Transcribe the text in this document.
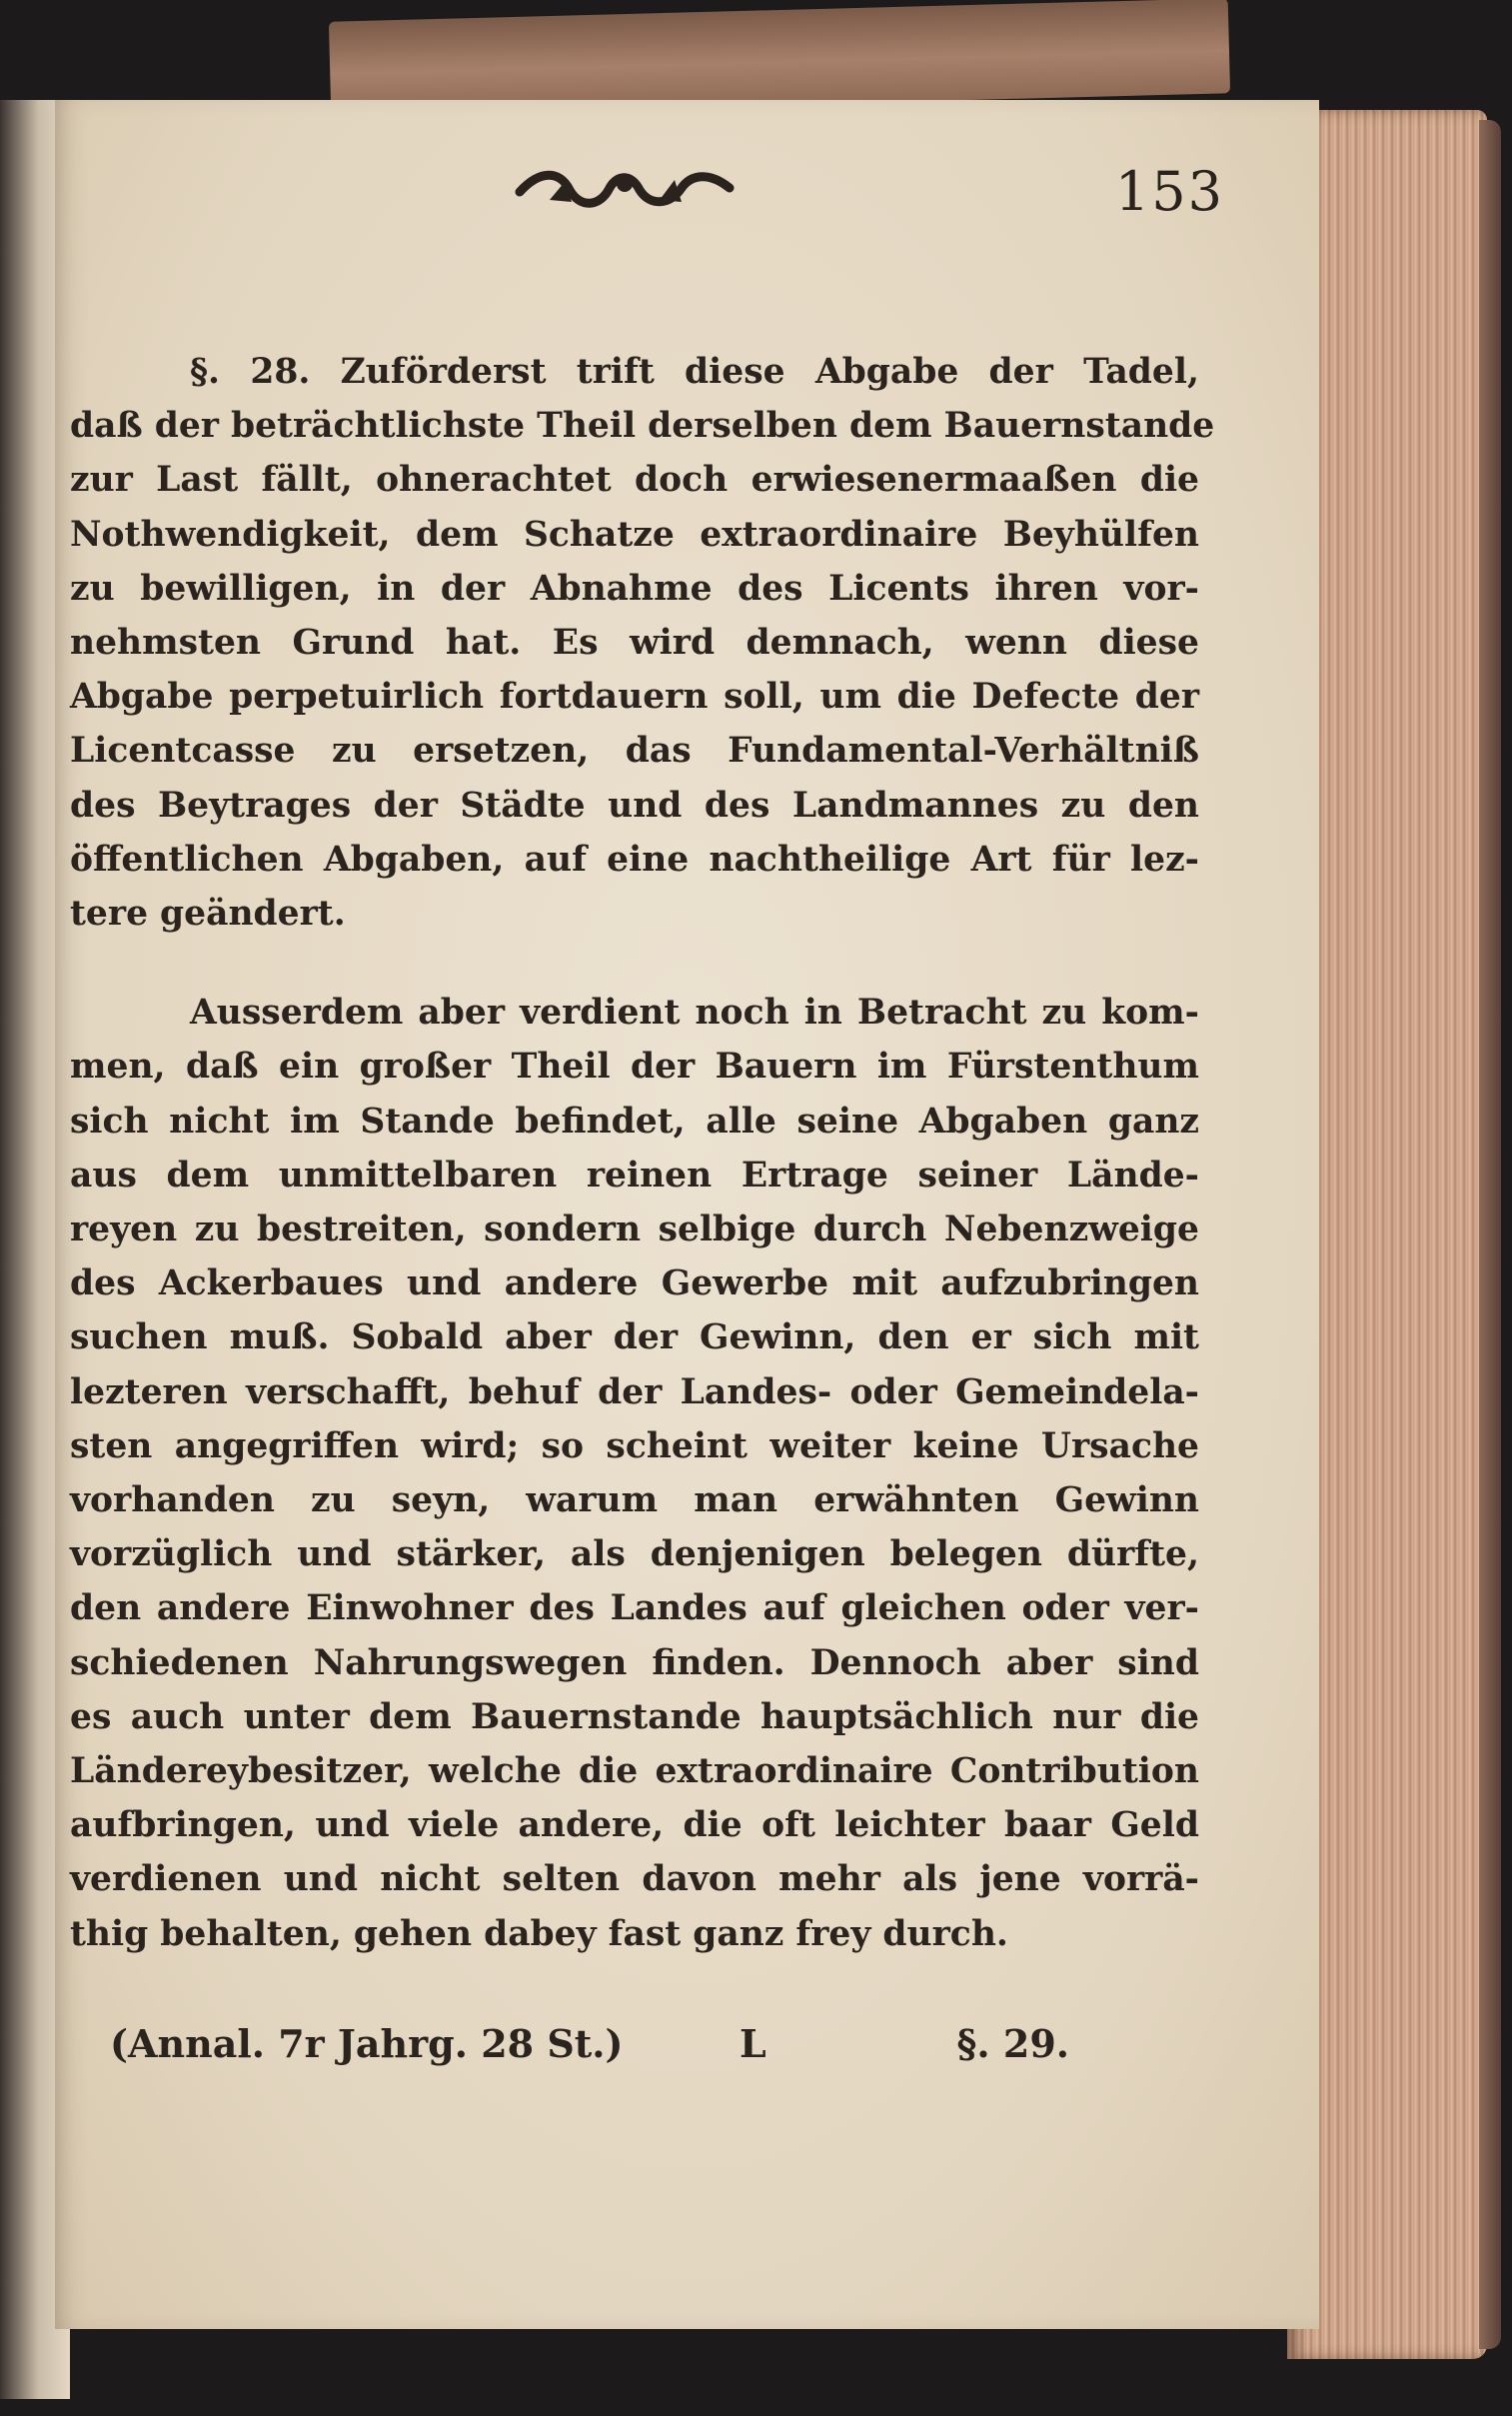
153
§. 28. Zuförderst trift diese Abgabe der Tadel,
daß der beträchtlichste Theil derselben dem Bauernstande
zur Last fällt, ohnerachtet doch erwiesenermaaßen die
Nothwendigkeit, dem Schatze extraordinaire Beyhülfen
zu bewilligen, in der Abnahme des Licents ihren vor-
nehmsten Grund hat. Es wird demnach, wenn diese
Abgabe perpetuirlich fortdauern soll, um die Defecte der
Licentcasse zu ersetzen, das Fundamental-Verhältniß
des Beytrages der Städte und des Landmannes zu den
öffentlichen Abgaben, auf eine nachtheilige Art für lez-
tere geändert.
Ausserdem aber verdient noch in Betracht zu kom-
men, daß ein großer Theil der Bauern im Fürstenthum
sich nicht im Stande befindet, alle seine Abgaben ganz
aus dem unmittelbaren reinen Ertrage seiner Lände-
reyen zu bestreiten, sondern selbige durch Nebenzweige
des Ackerbaues und andere Gewerbe mit aufzubringen
suchen muß. Sobald aber der Gewinn, den er sich mit
lezteren verschafft, behuf der Landes- oder Gemeindela-
sten angegriffen wird; so scheint weiter keine Ursache
vorhanden zu seyn, warum man erwähnten Gewinn
vorzüglich und stärker, als denjenigen belegen dürfte,
den andere Einwohner des Landes auf gleichen oder ver-
schiedenen Nahrungswegen finden. Dennoch aber sind
es auch unter dem Bauernstande hauptsächlich nur die
Ländereybesitzer, welche die extraordinaire Contribution
aufbringen, und viele andere, die oft leichter baar Geld
verdienen und nicht selten davon mehr als jene vorrä-
thig behalten, gehen dabey fast ganz frey durch.
(Annal. 7r Jahrg. 28 St.)	L	§. 29.
